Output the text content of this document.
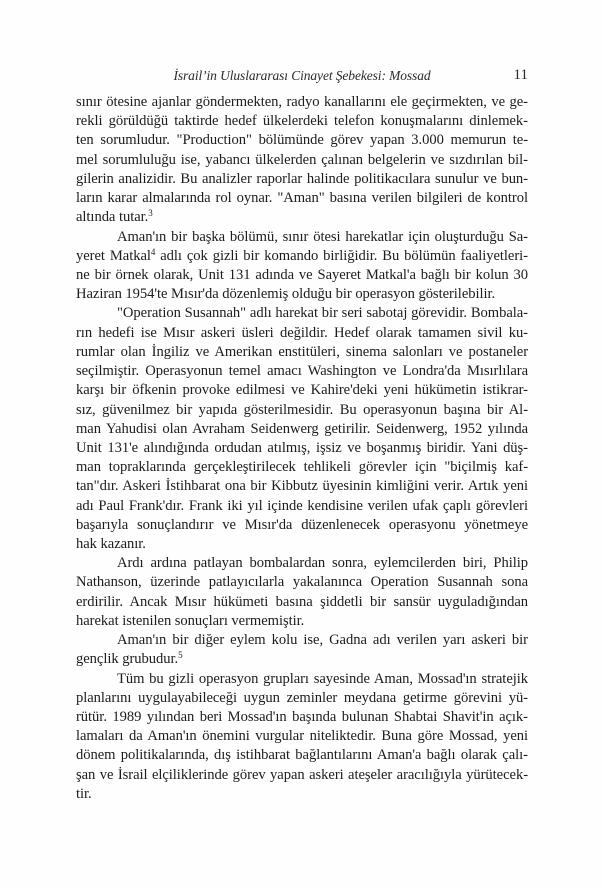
İsrail’in Uluslararası Cinayet Şebekesi: Mossad	11
sınır ötesine ajanlar göndermekten, radyo kanallarını ele geçirmekten, ve ge-
rekli görüldüğü taktirde hedef ülkelerdeki telefon konuşmalarını dinlemek-
ten sorumludur. "Production" bölümünde görev yapan 3.000 memurun te-
mel sorumluluğu ise, yabancı ülkelerden çalınan belgelerin ve sızdırılan bil-
gilerin analizidir. Bu analizler raporlar halinde politikacılara sunulur ve bun-
ların karar almalarında rol oynar. "Aman" basına verilen bilgileri de kontrol
altında tutar.$^3$
Aman'ın bir başka bölümü, sınır ötesi harekatlar için oluşturduğu Sa-
yeret Matkal$^4$ adlı çok gizli bir komando birliğidir. Bu bölümün faaliyetleri-
ne bir örnek olarak, Unit 131 adında ve Sayeret Matkal'a bağlı bir kolun 30
Haziran 1954'te Mısır'da dözenlemiş olduğu bir operasyon gösterilebilir.
"Operation Susannah" adlı harekat bir seri sabotaj görevidir. Bombala-
rın hedefi ise Mısır askeri üsleri değildir. Hedef olarak tamamen sivil ku-
rumlar olan İngiliz ve Amerikan enstitüleri, sinema salonları ve postaneler
seçilmiştir. Operasyonun temel amacı Washington ve Londra'da Mısırlılara
karşı bir öfkenin provoke edilmesi ve Kahire'deki yeni hükümetin istikrar-
sız, güvenilmez bir yapıda gösterilmesidir. Bu operasyonun başına bir Al-
man Yahudisi olan Avraham Seidenwerg getirilir. Seidenwerg, 1952 yılında
Unit 131'e alındığında ordudan atılmış, işsiz ve boşanmış biridir. Yani düş-
man topraklarında gerçekleştirilecek tehlikeli görevler için "biçilmiş kaf-
tan"dır. Askeri İstihbarat ona bir Kibbutz üyesinin kimliğini verir. Artık yeni
adı Paul Frank'dır. Frank iki yıl içinde kendisine verilen ufak çaplı görevleri
başarıyla sonuçlandırır ve Mısır'da düzenlenecek operasyonu yönetmeye
hak kazanır.
Ardı ardına patlayan bombalardan sonra, eylemcilerden biri, Philip
Nathanson, üzerinde patlayıcılarla yakalanınca Operation Susannah sona
erdirilir. Ancak Mısır hükümeti basına şiddetli bir sansür uyguladığından
harekat istenilen sonuçları vermemiştir.
Aman'ın bir diğer eylem kolu ise, Gadna adı verilen yarı askeri bir
gençlik grubudur.$^5$
Tüm bu gizli operasyon grupları sayesinde Aman, Mossad'ın stratejik
planlarını uygulayabileceği uygun zeminler meydana getirme görevini yü-
rütür. 1989 yılından beri Mossad'ın başında bulunan Shabtai Shavit'in açık-
lamaları da Aman'ın önemini vurgular niteliktedir. Buna göre Mossad, yeni
dönem politikalarında, dış istihbarat bağlantılarını Aman'a bağlı olarak çalı-
şan ve İsrail elçiliklerinde görev yapan askeri ateşeler aracılığıyla yürütecek-
tir.
